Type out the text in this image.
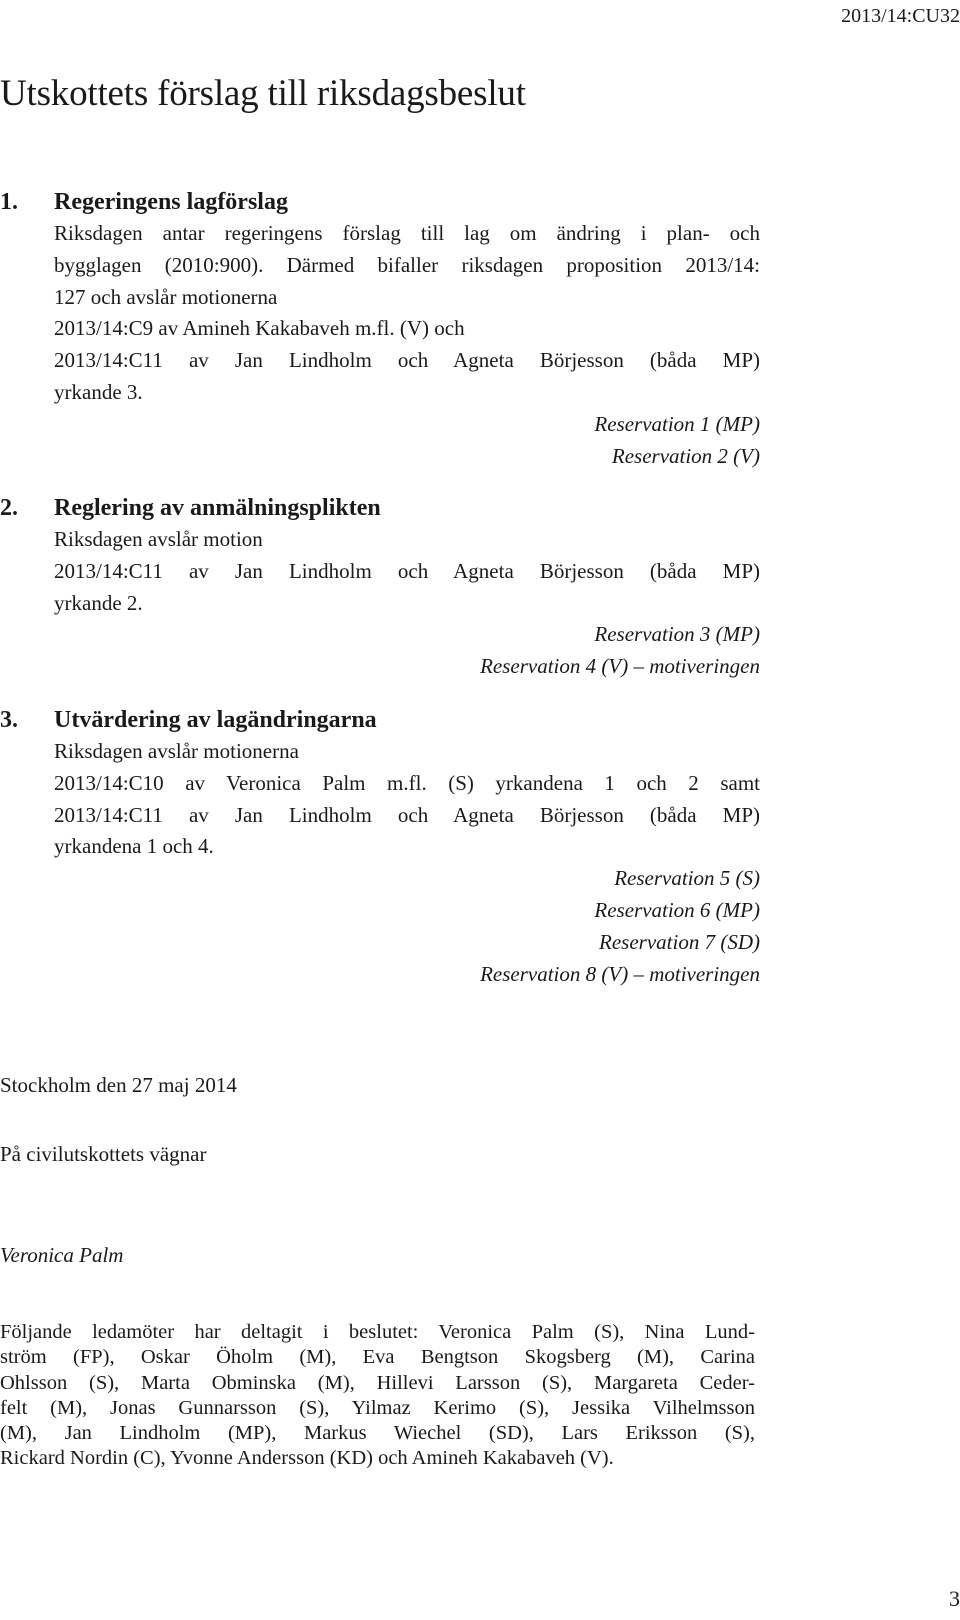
2013/14:CU32
Utskottets förslag till riksdagsbeslut
1.	Regeringens lagförslag
Riksdagen antar regeringens förslag till lag om ändring i plan- och
bygglagen (2010:900). Därmed bifaller riksdagen proposition 2013/14:
127 och avslår motionerna
2013/14:C9 av Amineh Kakabaveh m.fl. (V) och
2013/14:C11 av Jan Lindholm och Agneta Börjesson (båda MP)
yrkande 3.
Reservation 1 (MP)
Reservation 2 (V)
2.	Reglering av anmälningsplikten
Riksdagen avslår motion
2013/14:C11 av Jan Lindholm och Agneta Börjesson (båda MP)
yrkande 2.
Reservation 3 (MP)
Reservation 4 (V) – motiveringen
3.	Utvärdering av lagändringarna
Riksdagen avslår motionerna
2013/14:C10 av Veronica Palm m.fl. (S) yrkandena 1 och 2 samt
2013/14:C11 av Jan Lindholm och Agneta Börjesson (båda MP)
yrkandena 1 och 4.
Reservation 5 (S)
Reservation 6 (MP)
Reservation 7 (SD)
Reservation 8 (V) – motiveringen
Stockholm den 27 maj 2014
På civilutskottets vägnar
Veronica Palm
Följande ledamöter har deltagit i beslutet: Veronica Palm (S), Nina Lund-
ström (FP), Oskar Öholm (M), Eva Bengtson Skogsberg (M), Carina
Ohlsson (S), Marta Obminska (M), Hillevi Larsson (S), Margareta Ceder-
felt (M), Jonas Gunnarsson (S), Yilmaz Kerimo (S), Jessika Vilhelmsson
(M), Jan Lindholm (MP), Markus Wiechel (SD), Lars Eriksson (S),
Rickard Nordin (C), Yvonne Andersson (KD) och Amineh Kakabaveh (V).
3
